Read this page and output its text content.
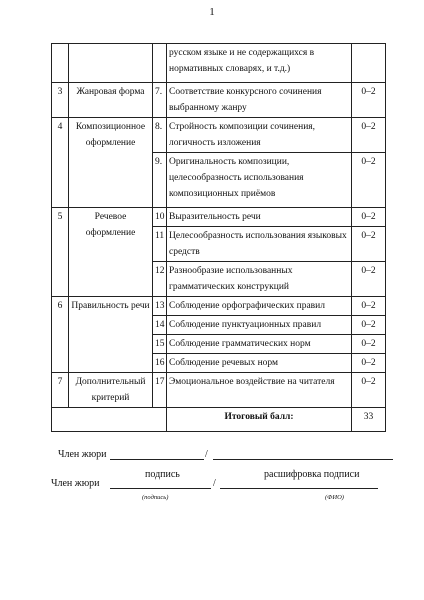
1
			русском языке и не содержащихся в нормативных словарях, и т.д.)	
3	Жанровая форма	7.	Соответствие конкурсного сочинения выбранному жанру	0–2
4	Композиционное оформление	8.	Стройность композиции сочинения, логичность изложения	0–2
		9.	Оригинальность композиции, целесообразность использования композиционных приёмов	0–2
5	Речевое оформление	10	Выразительность речи	0–2
		11	Целесообразность использования языковых средств	0–2
		12	Разнообразие использованных грамматических конструкций	0–2
6	Правильность речи	13	Соблюдение орфографических правил	0–2
		14	Соблюдение пунктуационных правил	0–2
		15	Соблюдение грамматических норм	0–2
		16	Соблюдение речевых норм	0–2
7	Дополнительный критерий	17	Эмоциональное воздействие на читателя	0–2
			Итоговый балл:	33
Член жюри	/
подпись	расшифровка подписи
Член жюри	/
(подпись)	(ФИО)
